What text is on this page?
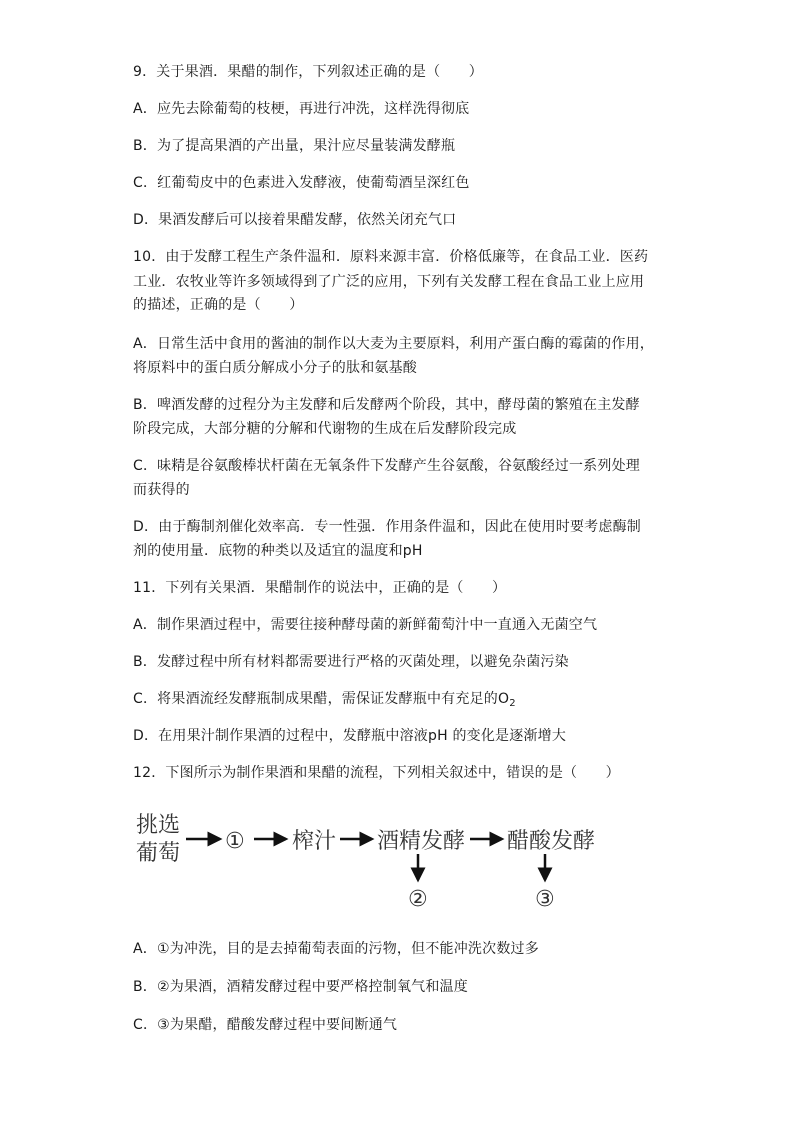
9．关于果酒．果醋的制作，下列叙述正确的是（　　）
A．应先去除葡萄的枝梗，再进行冲洗，这样洗得彻底
B．为了提高果酒的产出量，果汁应尽量装满发酵瓶
C．红葡萄皮中的色素进入发酵液，使葡萄酒呈深红色
D．果酒发酵后可以接着果醋发酵，依然关闭充气口
10．由于发酵工程生产条件温和．原料来源丰富．价格低廉等，在食品工业．医药
工业．农牧业等许多领域得到了广泛的应用，下列有关发酵工程在食品工业上应用
的描述，正确的是（　　）
A．日常生活中食用的酱油的制作以大麦为主要原料，利用产蛋白酶的霉菌的作用，
将原料中的蛋白质分解成小分子的肽和氨基酸
B．啤酒发酵的过程分为主发酵和后发酵两个阶段，其中，酵母菌的繁殖在主发酵
阶段完成，大部分糖的分解和代谢物的生成在后发酵阶段完成
C．味精是谷氨酸棒状杆菌在无氧条件下发酵产生谷氨酸，谷氨酸经过一系列处理
而获得的
D．由于酶制剂催化效率高．专一性强．作用条件温和，因此在使用时要考虑酶制
剂的使用量．底物的种类以及适宜的温度和pH
11．下列有关果酒．果醋制作的说法中，正确的是（　　）
A．制作果酒过程中，需要往接种酵母菌的新鲜葡萄汁中一直通入无菌空气
B．发酵过程中所有材料都需要进行严格的灭菌处理，以避免杂菌污染
C．将果酒流经发酵瓶制成果醋，需保证发酵瓶中有充足的$O_2$
D．在用果汁制作果酒的过程中，发酵瓶中溶液pH 的变化是逐渐增大
12．下图所示为制作果酒和果醋的流程，下列相关叙述中，错误的是（　　）
挑选
葡萄 ① 榨汁 酒精发酵 醋酸发酵
②	③
A．①为冲洗，目的是去掉葡萄表面的污物，但不能冲洗次数过多
B．②为果酒，酒精发酵过程中要严格控制氧气和温度
C．③为果醋，醋酸发酵过程中要间断通气
